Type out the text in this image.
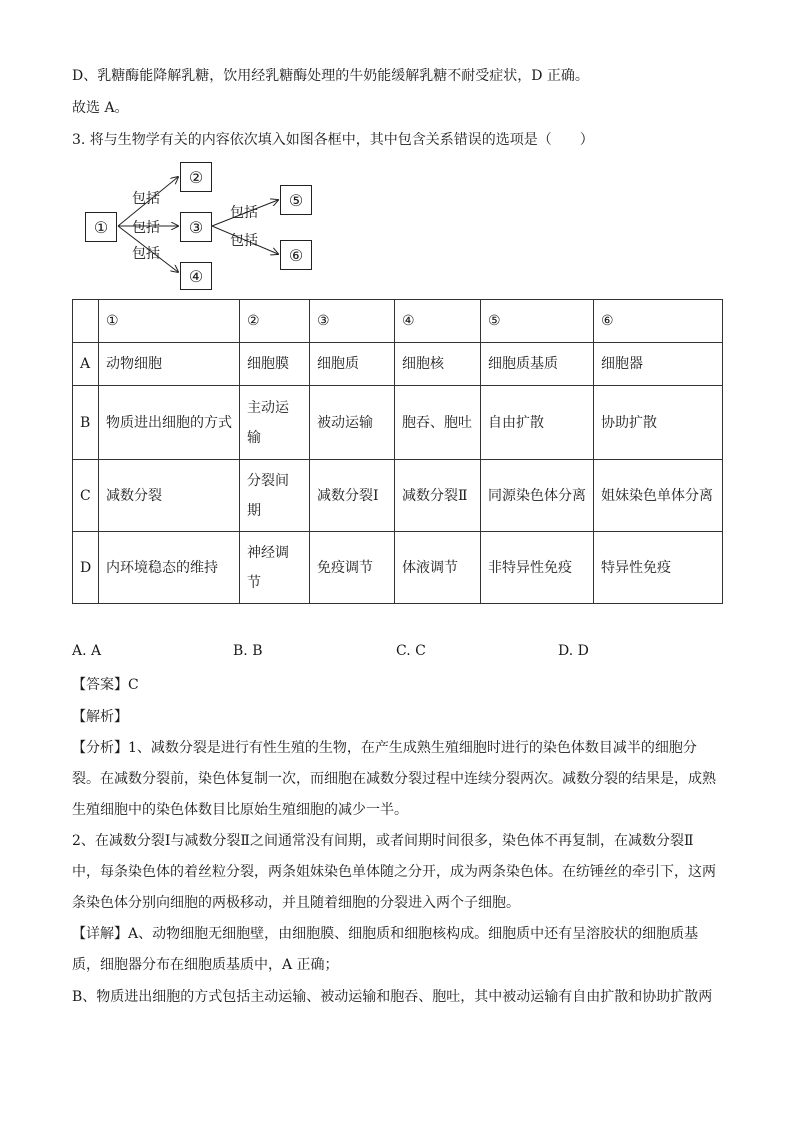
D、乳糖酶能降解乳糖，饮用经乳糖酶处理的牛奶能缓解乳糖不耐受症状，D 正确。
故选 A。
3. 将与生物学有关的内容依次填入如图各框中，其中包含关系错误的选项是（　　）
①
②
③
④
⑤
⑥
包括
包括
包括
包括
包括
	①	②	③	④	⑤	⑥
A	动物细胞	细胞膜	细胞质	细胞核	细胞质基质	细胞器
B	物质进出细胞的方式	主动运输	被动运输	胞吞、胞吐	自由扩散	协助扩散
C	减数分裂	分裂间期	减数分裂Ⅰ	减数分裂Ⅱ	同源染色体分离	姐妹染色单体分离
D	内环境稳态的维持	神经调节	免疫调节	体液调节	非特异性免疫	特异性免疫
A. A	B. B	C. C	D. D
【答案】C
【解析】
【分析】1、减数分裂是进行有性生殖的生物，在产生成熟生殖细胞时进行的染色体数目减半的细胞分
裂。在减数分裂前，染色体复制一次，而细胞在减数分裂过程中连续分裂两次。减数分裂的结果是，成熟
生殖细胞中的染色体数目比原始生殖细胞的减少一半。
2、在减数分裂Ⅰ与减数分裂Ⅱ之间通常没有间期，或者间期时间很多，染色体不再复制，在减数分裂Ⅱ
中，每条染色体的着丝粒分裂，两条姐妹染色单体随之分开，成为两条染色体。在纺锤丝的牵引下，这两
条染色体分别向细胞的两极移动，并且随着细胞的分裂进入两个子细胞。
【详解】A、动物细胞无细胞壁，由细胞膜、细胞质和细胞核构成。细胞质中还有呈溶胶状的细胞质基
质，细胞器分布在细胞质基质中，A 正确；
B、物质进出细胞的方式包括主动运输、被动运输和胞吞、胞吐，其中被动运输有自由扩散和协助扩散两
